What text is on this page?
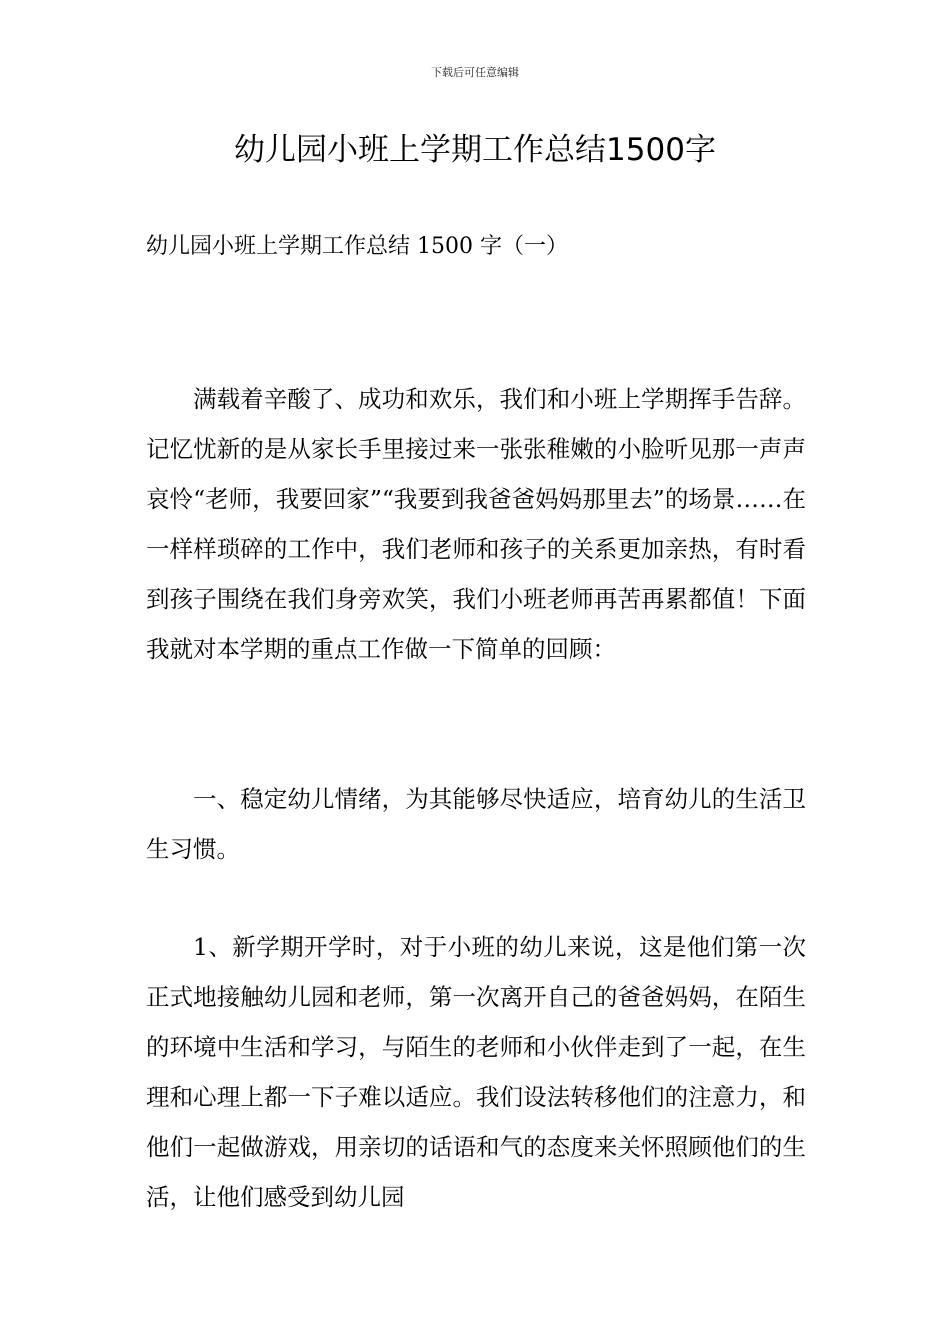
下载后可任意编辑
幼儿园小班上学期工作总结1500字

幼儿园小班上学期工作总结 1500 字（一）

满载着辛酸了、成功和欢乐，我们和小班上学期挥手告辞。记忆忧新的是从家长手里接过来一张张稚嫩的小脸听见那一声声哀怜“老师，我要回家”“我要到我爸爸妈妈那里去”的场景……在一样样琐碎的工作中，我们老师和孩子的关系更加亲热，有时看到孩子围绕在我们身旁欢笑，我们小班老师再苦再累都值！下面我就对本学期的重点工作做一下简单的回顾：

一、稳定幼儿情绪，为其能够尽快适应，培育幼儿的生活卫生习惯。

1、新学期开学时，对于小班的幼儿来说，这是他们第一次正式地接触幼儿园和老师，第一次离开自己的爸爸妈妈，在陌生的环境中生活和学习，与陌生的老师和小伙伴走到了一起，在生理和心理上都一下子难以适应。我们设法转移他们的注意力，和他们一起做游戏，用亲切的话语和气的态度来关怀照顾他们的生活，让他们感受到幼儿园
